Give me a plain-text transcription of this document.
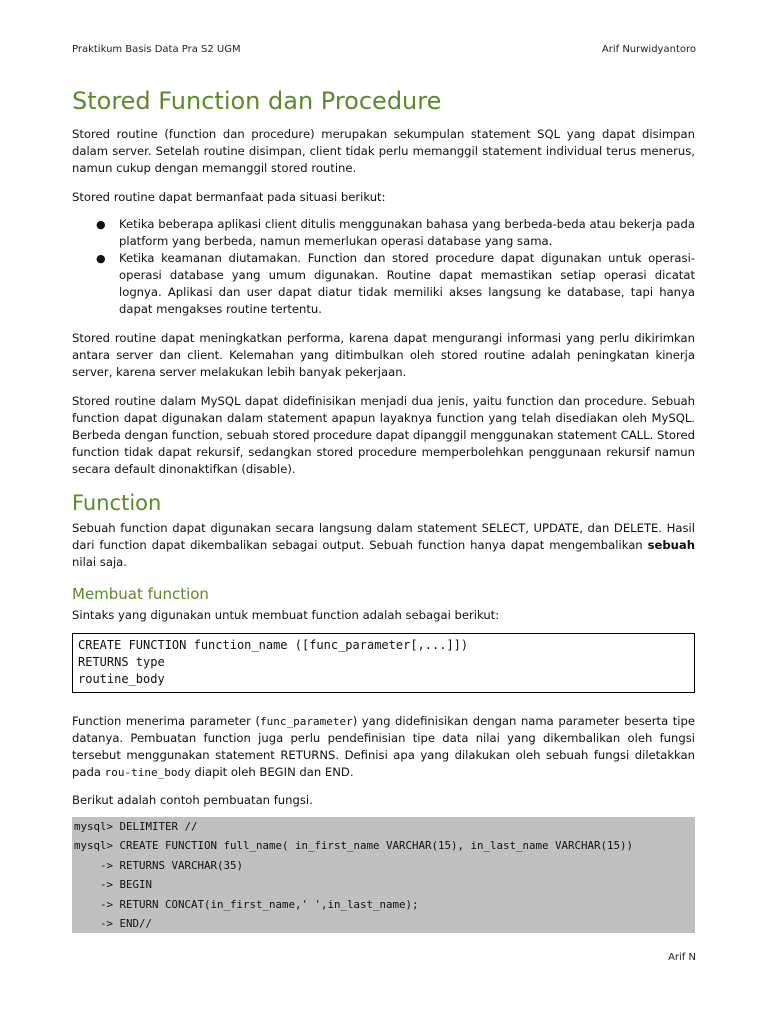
Praktikum Basis Data Pra S2 UGM	Arif Nurwidyantoro
Stored Function dan Procedure

Stored routine (function dan procedure) merupakan sekumpulan statement SQL yang dapat disimpan dalam server. Setelah routine disimpan, client tidak perlu memanggil statement individual terus menerus, namun cukup dengan memanggil stored routine.

Stored routine dapat bermanfaat pada situasi berikut:

● Ketika beberapa aplikasi client ditulis menggunakan bahasa yang berbeda-beda atau bekerja pada platform yang berbeda, namun memerlukan operasi database yang sama.
● Ketika keamanan diutamakan. Function dan stored procedure dapat digunakan untuk operasi-operasi database yang umum digunakan. Routine dapat memastikan setiap operasi dicatat lognya. Aplikasi dan user dapat diatur tidak memiliki akses langsung ke database, tapi hanya dapat mengakses routine tertentu.

Stored routine dapat meningkatkan performa, karena dapat mengurangi informasi yang perlu dikirimkan antara server dan client. Kelemahan yang ditimbulkan oleh stored routine adalah peningkatan kinerja server, karena server melakukan lebih banyak pekerjaan.

Stored routine dalam MySQL dapat didefinisikan menjadi dua jenis, yaitu function dan procedure. Sebuah function dapat digunakan dalam statement apapun layaknya function yang telah disediakan oleh MySQL. Berbeda dengan function, sebuah stored procedure dapat dipanggil menggunakan statement CALL. Stored function tidak dapat rekursif, sedangkan stored procedure memperbolehkan penggunaan rekursif namun secara default dinonaktifkan (disable).

Function

Sebuah function dapat digunakan secara langsung dalam statement SELECT, UPDATE, dan DELETE. Hasil dari function dapat dikembalikan sebagai output. Sebuah function hanya dapat mengembalikan sebuah nilai saja.

Membuat function

Sintaks yang digunakan untuk membuat function adalah sebagai berikut:

CREATE FUNCTION function_name ([func_parameter[,...]])
RETURNS type
routine_body

Function menerima parameter (func_parameter) yang didefinisikan dengan nama parameter beserta tipe datanya. Pembuatan function juga perlu pendefinisian tipe data nilai yang dikembalikan oleh fungsi tersebut menggunakan statement RETURNS. Definisi apa yang dilakukan oleh sebuah fungsi diletakkan pada rou-tine_body diapit oleh BEGIN dan END.

Berikut adalah contoh pembuatan fungsi.

mysql> DELIMITER //
mysql> CREATE FUNCTION full_name( in_first_name VARCHAR(15), in_last_name VARCHAR(15))
-> RETURNS VARCHAR(35)
-> BEGIN
-> RETURN CONCAT(in_first_name,' ',in_last_name);
-> END//
Arif N
